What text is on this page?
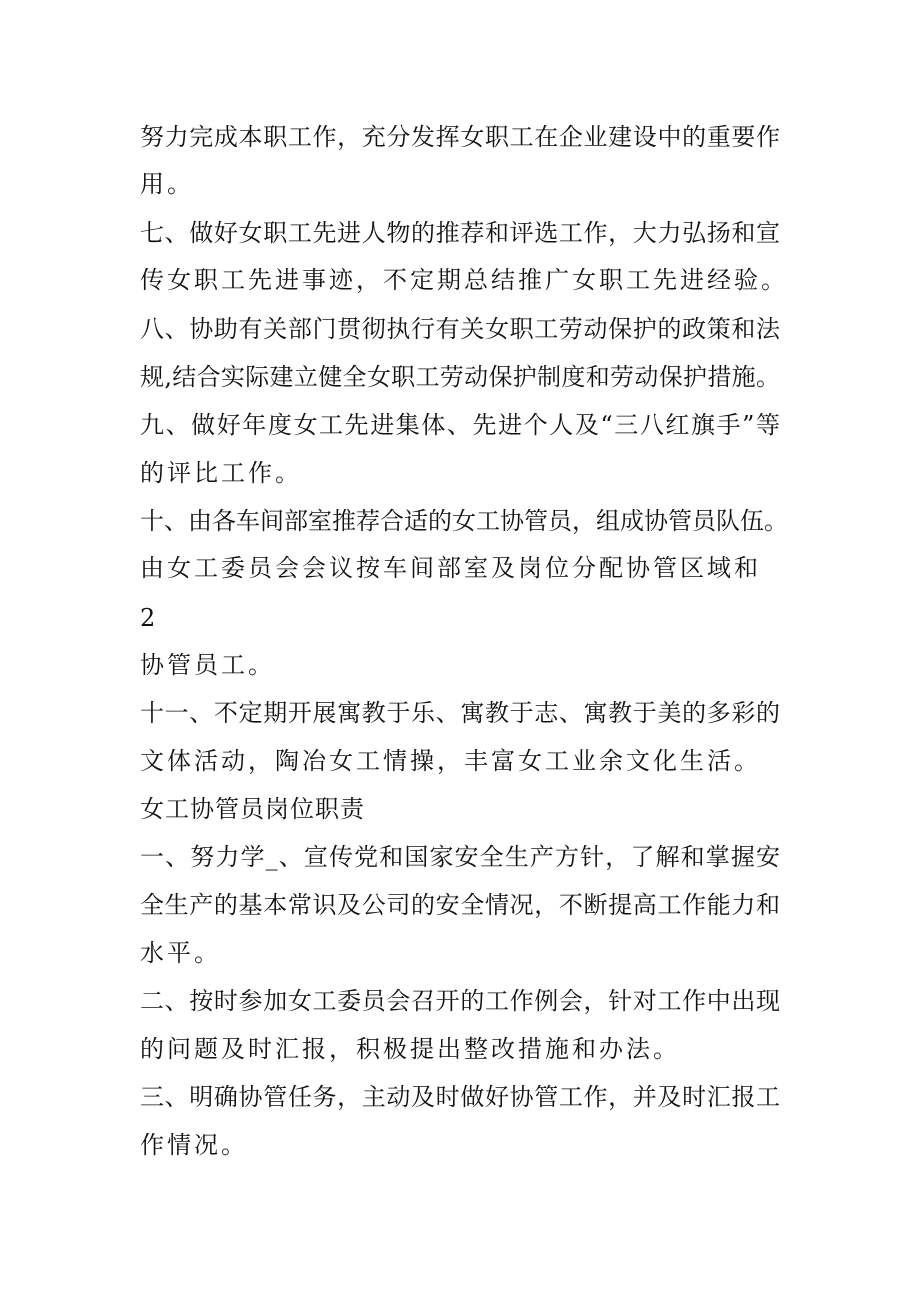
努力完成本职工作，充分发挥女职工在企业建设中的重要作
用。
七、做好女职工先进人物的推荐和评选工作，大力弘扬和宣
传女职工先进事迹，不定期总结推广女职工先进经验。
八、协助有关部门贯彻执行有关女职工劳动保护的政策和法
规,结合实际建立健全女职工劳动保护制度和劳动保护措施。
九、做好年度女工先进集体、先进个人及“三八红旗手”等
的评比工作。
十、由各车间部室推荐合适的女工协管员，组成协管员队伍。
由女工委员会会议按车间部室及岗位分配协管区域和
2
协管员工。
十一、不定期开展寓教于乐、寓教于志、寓教于美的多彩的
文体活动，陶冶女工情操，丰富女工业余文化生活。
女工协管员岗位职责
一、努力学_、宣传党和国家安全生产方针，了解和掌握安
全生产的基本常识及公司的安全情况，不断提高工作能力和
水平。
二、按时参加女工委员会召开的工作例会，针对工作中出现
的问题及时汇报，积极提出整改措施和办法。
三、明确协管任务，主动及时做好协管工作，并及时汇报工
作情况。
